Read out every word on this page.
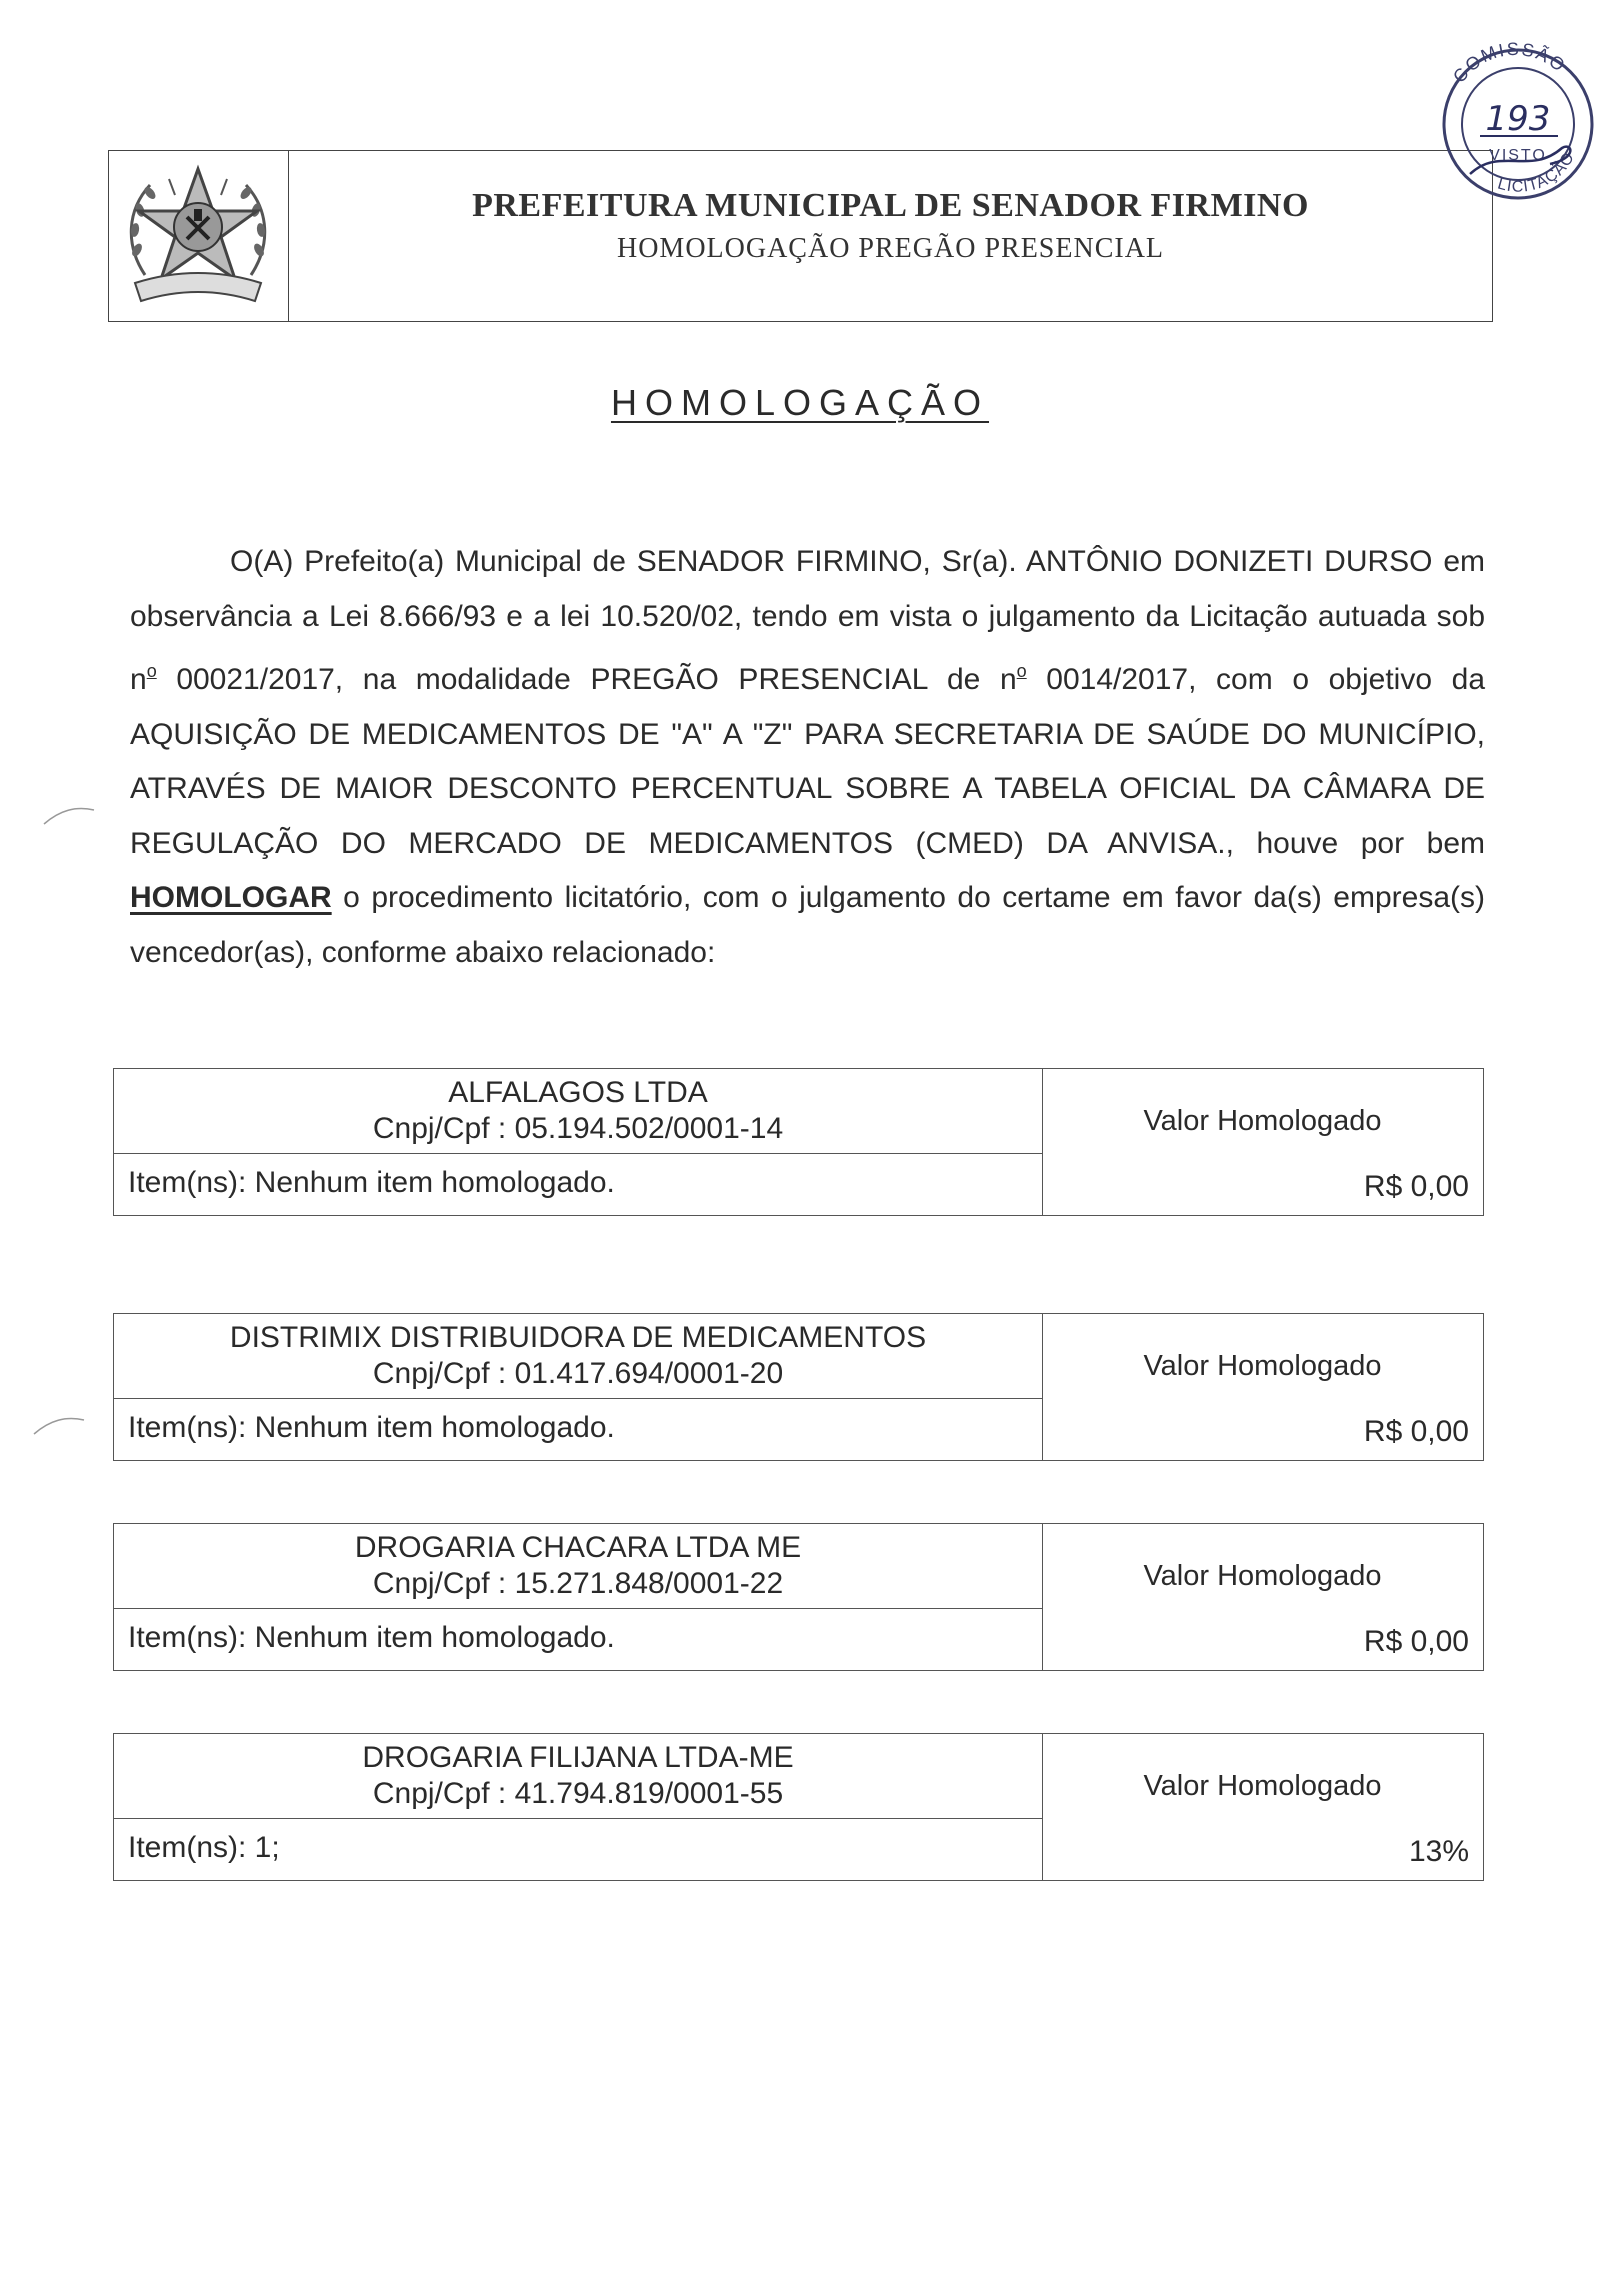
PREFEITURA MUNICIPAL DE SENADOR FIRMINO
HOMOLOGAÇÃO PREGÃO PRESENCIAL
COMISSÃO
LICITAÇÃO
193
VISTO
HOMOLOGAÇÃO
O(A) Prefeito(a) Municipal de SENADOR FIRMINO, Sr(a). ANTÔNIO DONIZETI DURSO em observância a Lei 8.666/93 e a lei 10.520/02, tendo em vista o julgamento da Licitação autuada sob $n^o$ 00021/2017, na modalidade PREGÃO PRESENCIAL de $n^o$ 0014/2017, com o objetivo da AQUISIÇÃO DE MEDICAMENTOS DE "A" A "Z" PARA SECRETARIA DE SAÚDE DO MUNICÍPIO, ATRAVÉS DE MAIOR DESCONTO PERCENTUAL SOBRE A TABELA OFICIAL DA CÂMARA DE REGULAÇÃO DO MERCADO DE MEDICAMENTOS (CMED) DA ANVISA., houve por bem HOMOLOGAR o procedimento licitatório, com o julgamento do certame em favor da(s) empresa(s) vencedor(as), conforme abaixo relacionado:
ALFALAGOS LTDA
Cnpj/Cpf : 05.194.502/0001-14
Item(ns): Nenhum item homologado.
Valor Homologado
R$ 0,00
DISTRIMIX DISTRIBUIDORA DE MEDICAMENTOS
Cnpj/Cpf : 01.417.694/0001-20
Item(ns): Nenhum item homologado.
Valor Homologado
R$ 0,00
DROGARIA CHACARA LTDA ME
Cnpj/Cpf : 15.271.848/0001-22
Item(ns): Nenhum item homologado.
Valor Homologado
R$ 0,00
DROGARIA FILIJANA LTDA-ME
Cnpj/Cpf : 41.794.819/0001-55
Item(ns): 1;
Valor Homologado
13%
